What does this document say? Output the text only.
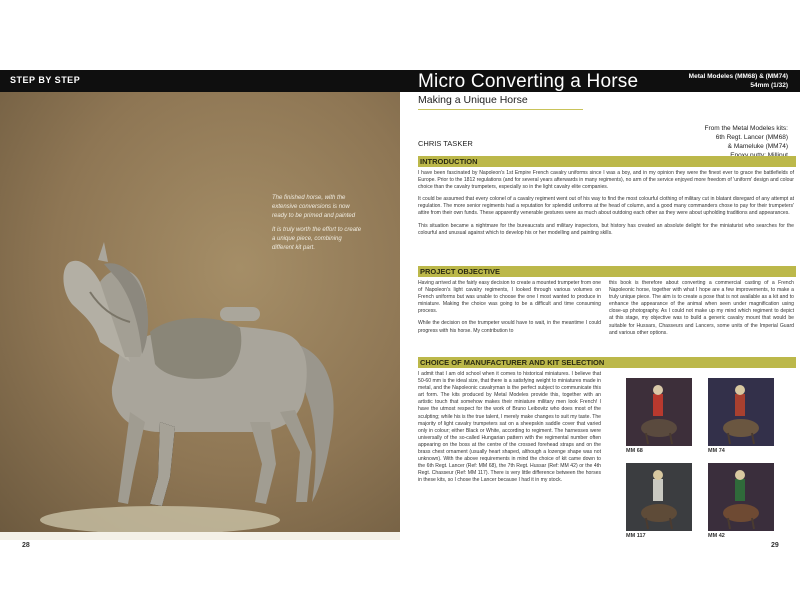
STEP BY STEP

The finished horse, with the extensive conversions is now ready to be primed and painted

It is truly worth the effort to create a unique piece, combining different kit part.

Micro Converting a Horse	Metal Modeles (MM68) & (MM74)
54mm (1/32)
Making a Unique Horse
From the Metal Modeles kits:
6th Regt. Lancer (MM68)
& Mameluke (MM74)
CHRIS TASKER
INTRODUCTION

I have been fascinated by Napoleon's 1st Empire French cavalry uniforms since I was a boy, and in my opinion they were the finest ever to grace the battlefields of Europe. Prior to the 1812 regulations (and for several years afterwards in many regiments), no arm of the service enjoyed more freedom of 'uniform' design and colour choice than the cavalry trumpeters, especially so in the light cavalry elite companies.

It could be assumed that every colonel of a cavalry regiment went out of his way to find the most colourful clothing of military cut in blatant disregard of any attempt at regulation. The more senior regiments had a reputation for splendid uniforms at the head of column, and a good many commanders chose to pay for their trumpeters' attire from their own funds. These apparently venerable gestures were as much about outdoing each other as they were about upholding traditions and appearances.

This situation became a nightmare for the bureaucrats and military inspectors, but history has created an absolute delight for the miniaturist who searches for the colourful and unusual against which to develop his or her modelling and painting skills.

PROJECT OBJECTIVE

Having arrived at the fairly easy decision to create a mounted trumpeter from one of Napoleon's light cavalry regiments, I looked through various volumes on French uniforms but was unable to choose the one I most wanted to produce in miniature. Making the choice was going to be a difficult and time consuming process.

While the decision on the trumpeter would have to wait, in the meantime I could progress with his horse. My contribution to

this book is therefore about converting a commercial casting of a French Napoleonic horse, together with what I hope are a few improvements, to make a truly unique piece. The aim is to create a pose that is not available as a kit and to enhance the appearance of the animal when seen under magnification using close-up photography. As I could not make up my mind which regiment to depict at this stage, my objective was to build a generic cavalry mount that would be suitable for Hussars, Chasseurs and Lancers, some units of the Imperial Guard and various other options.

CHOICE OF MANUFACTURER AND KIT SELECTION

I admit that I am old school when it comes to historical miniatures. I believe that 50-60 mm is the ideal size, that there is a satisfying weight to miniatures made in metal, and the Napoleonic cavalryman is the perfect subject to communicate this art form. The kits produced by Metal Modeles provide this, together with an artistic touch that somehow makes their miniature military men look French! I have the utmost respect for the work of Bruno Leibovitz who does most of the sculpting; while his is the true talent, I merely make changes to suit my taste. The majority of light cavalry trumpeters sat on a sheepskin saddle cover that varied only in colour; either Black or White, according to regiment. The harnesses were universally of the so-called Hungarian pattern with the regimental number often appearing on the boss at the centre of the crossed forehead straps and on the brass chest ornament (usually heart shaped, although a lozenge shape was not unknown). With the above requirements in mind the choice of kit came down to the 6th Regt. Lancer (Ref: MM 68), the 7th Regt. Hussar (Ref: MM 42) or the 4th Regt. Chasseur (Ref: MM 117). There is very little difference between the horses in these kits, so I chose the Lancer because I had it in my stock.

MM 68	MM 74
MM 117	MM 42
28	29
